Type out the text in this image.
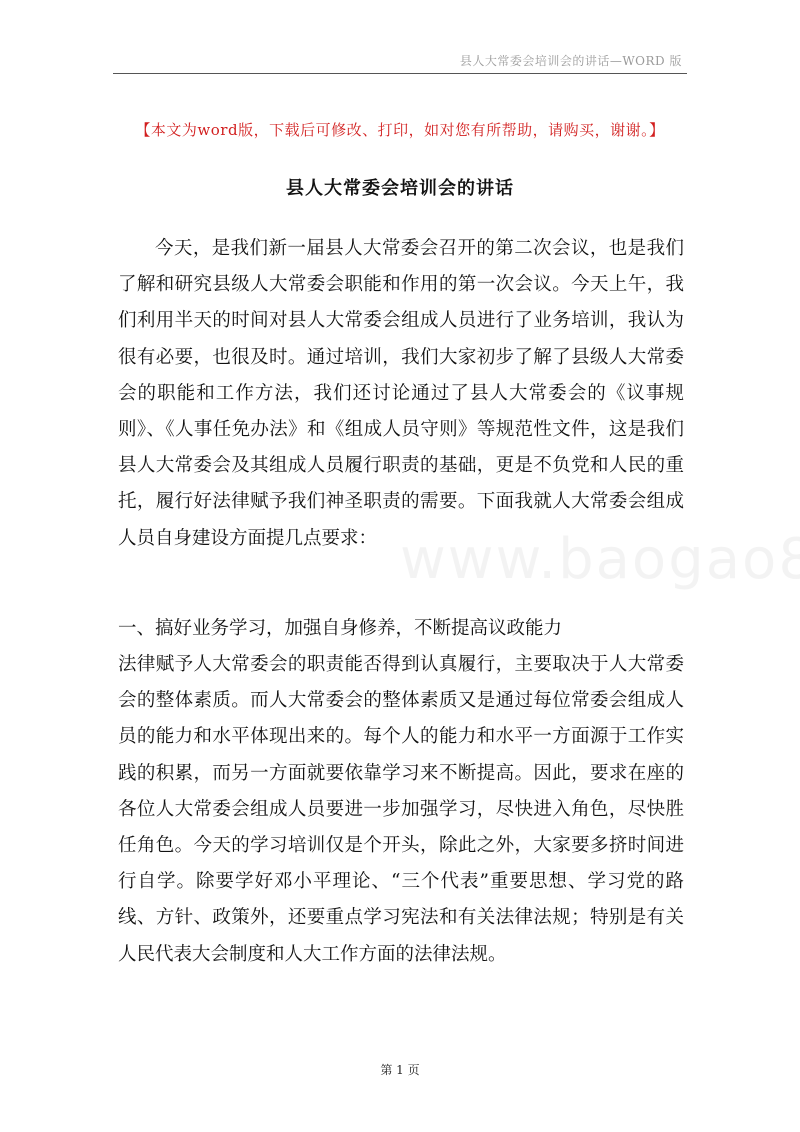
县人大常委会培训会的讲话—WORD 版
【本文为word版，下载后可修改、打印，如对您有所帮助，请购买，谢谢。】
县人大常委会培训会的讲话
今天，是我们新一届县人大常委会召开的第二次会议，也是我们了解和研究县级人大常委会职能和作用的第一次会议。今天上午，我们利用半天的时间对县人大常委会组成人员进行了业务培训，我认为很有必要，也很及时。通过培训，我们大家初步了解了县级人大常委会的职能和工作方法，我们还讨论通过了县人大常委会的《议事规则》、《人事任免办法》和《组成人员守则》等规范性文件，这是我们县人大常委会及其组成人员履行职责的基础，更是不负党和人民的重托，履行好法律赋予我们神圣职责的需要。下面我就人大常委会组成人员自身建设方面提几点要求：
一、搞好业务学习，加强自身修养，不断提高议政能力
法律赋予人大常委会的职责能否得到认真履行，主要取决于人大常委会的整体素质。而人大常委会的整体素质又是通过每位常委会组成人员的能力和水平体现出来的。每个人的能力和水平一方面源于工作实践的积累，而另一方面就要依靠学习来不断提高。因此，要求在座的各位人大常委会组成人员要进一步加强学习，尽快进入角色，尽快胜任角色。今天的学习培训仅是个开头，除此之外，大家要多挤时间进行自学。除要学好邓小平理论、“三个代表”重要思想、学习党的路线、方针、政策外，还要重点学习宪法和有关法律法规；特别是有关人民代表大会制度和人大工作方面的法律法规。
第 1 页
